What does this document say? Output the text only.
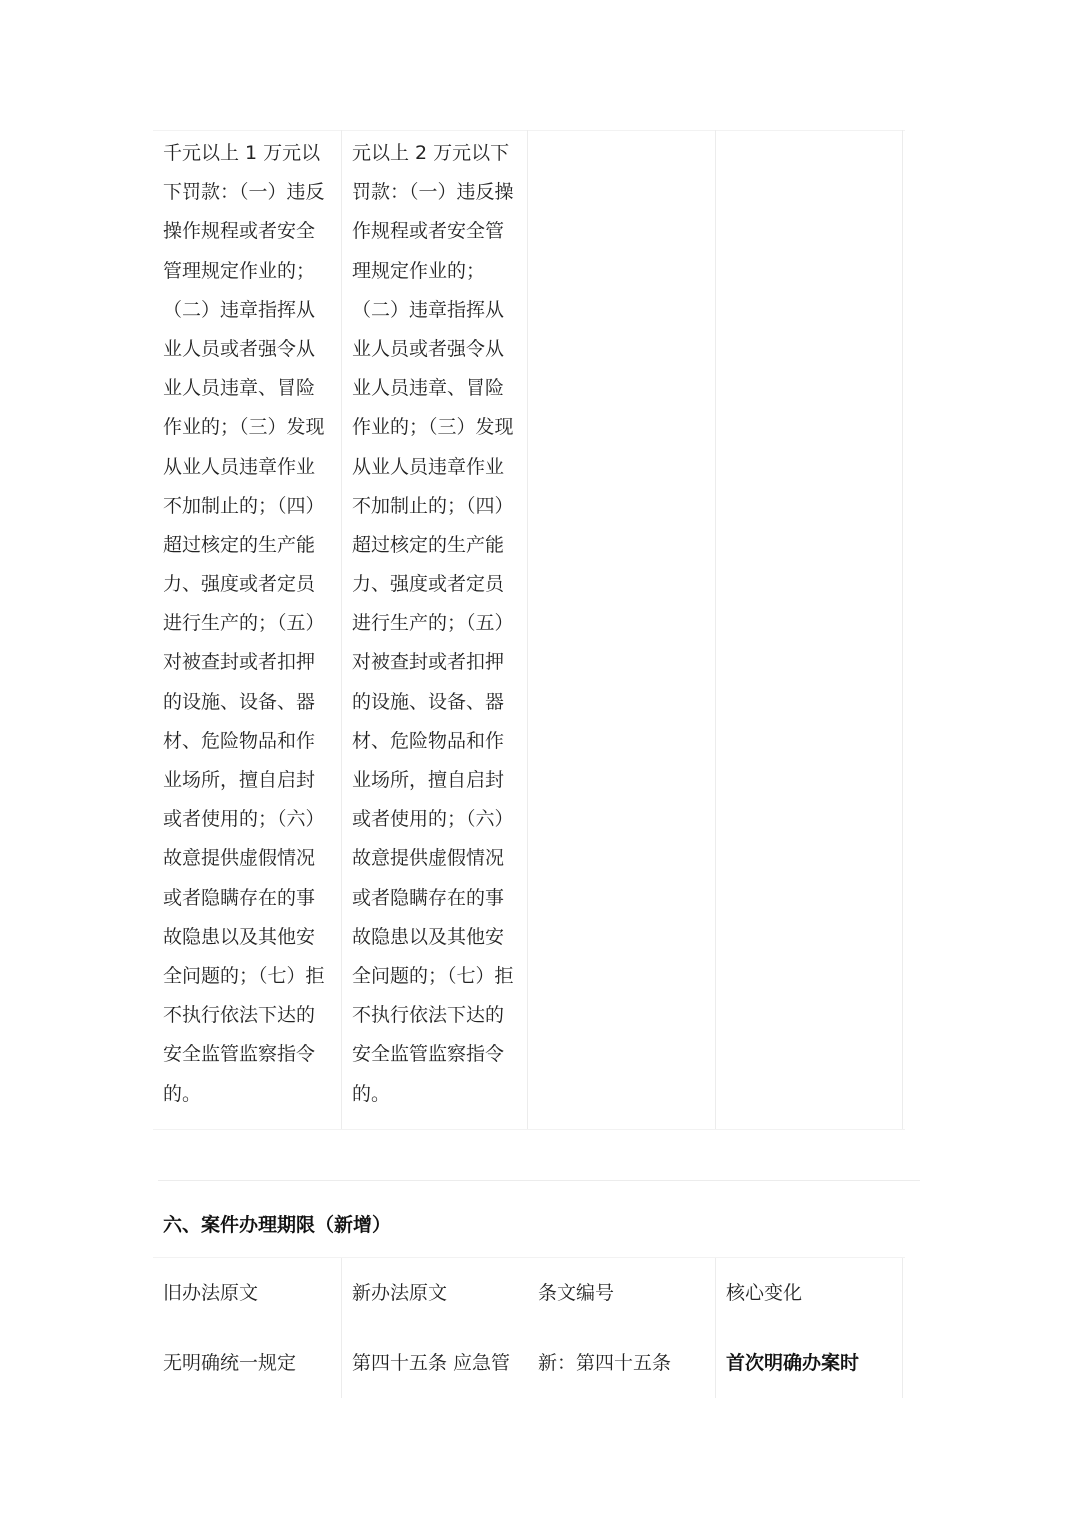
千元以上 1 万元以
下罚款：（一）违反
操作规程或者安全
管理规定作业的；
（二）违章指挥从
业人员或者强令从
业人员违章、冒险
作业的；（三）发现
从业人员违章作业
不加制止的；（四）
超过核定的生产能
力、强度或者定员
进行生产的；（五）
对被查封或者扣押
的设施、设备、器
材、危险物品和作
业场所，擅自启封
或者使用的；（六）
故意提供虚假情况
或者隐瞒存在的事
故隐患以及其他安
全问题的；（七）拒
不执行依法下达的
安全监管监察指令
的。
元以上 2 万元以下
罚款：（一）违反操
作规程或者安全管
理规定作业的；
（二）违章指挥从
业人员或者强令从
业人员违章、冒险
作业的；（三）发现
从业人员违章作业
不加制止的；（四）
超过核定的生产能
力、强度或者定员
进行生产的；（五）
对被查封或者扣押
的设施、设备、器
材、危险物品和作
业场所，擅自启封
或者使用的；（六）
故意提供虚假情况
或者隐瞒存在的事
故隐患以及其他安
全问题的；（七）拒
不执行依法下达的
安全监管监察指令
的。
六、案件办理期限（新增）
旧办法原文
无明确统一规定
新办法原文
第四十五条 应急管
条文编号
新：第四十五条
核心变化
首次明确办案时
